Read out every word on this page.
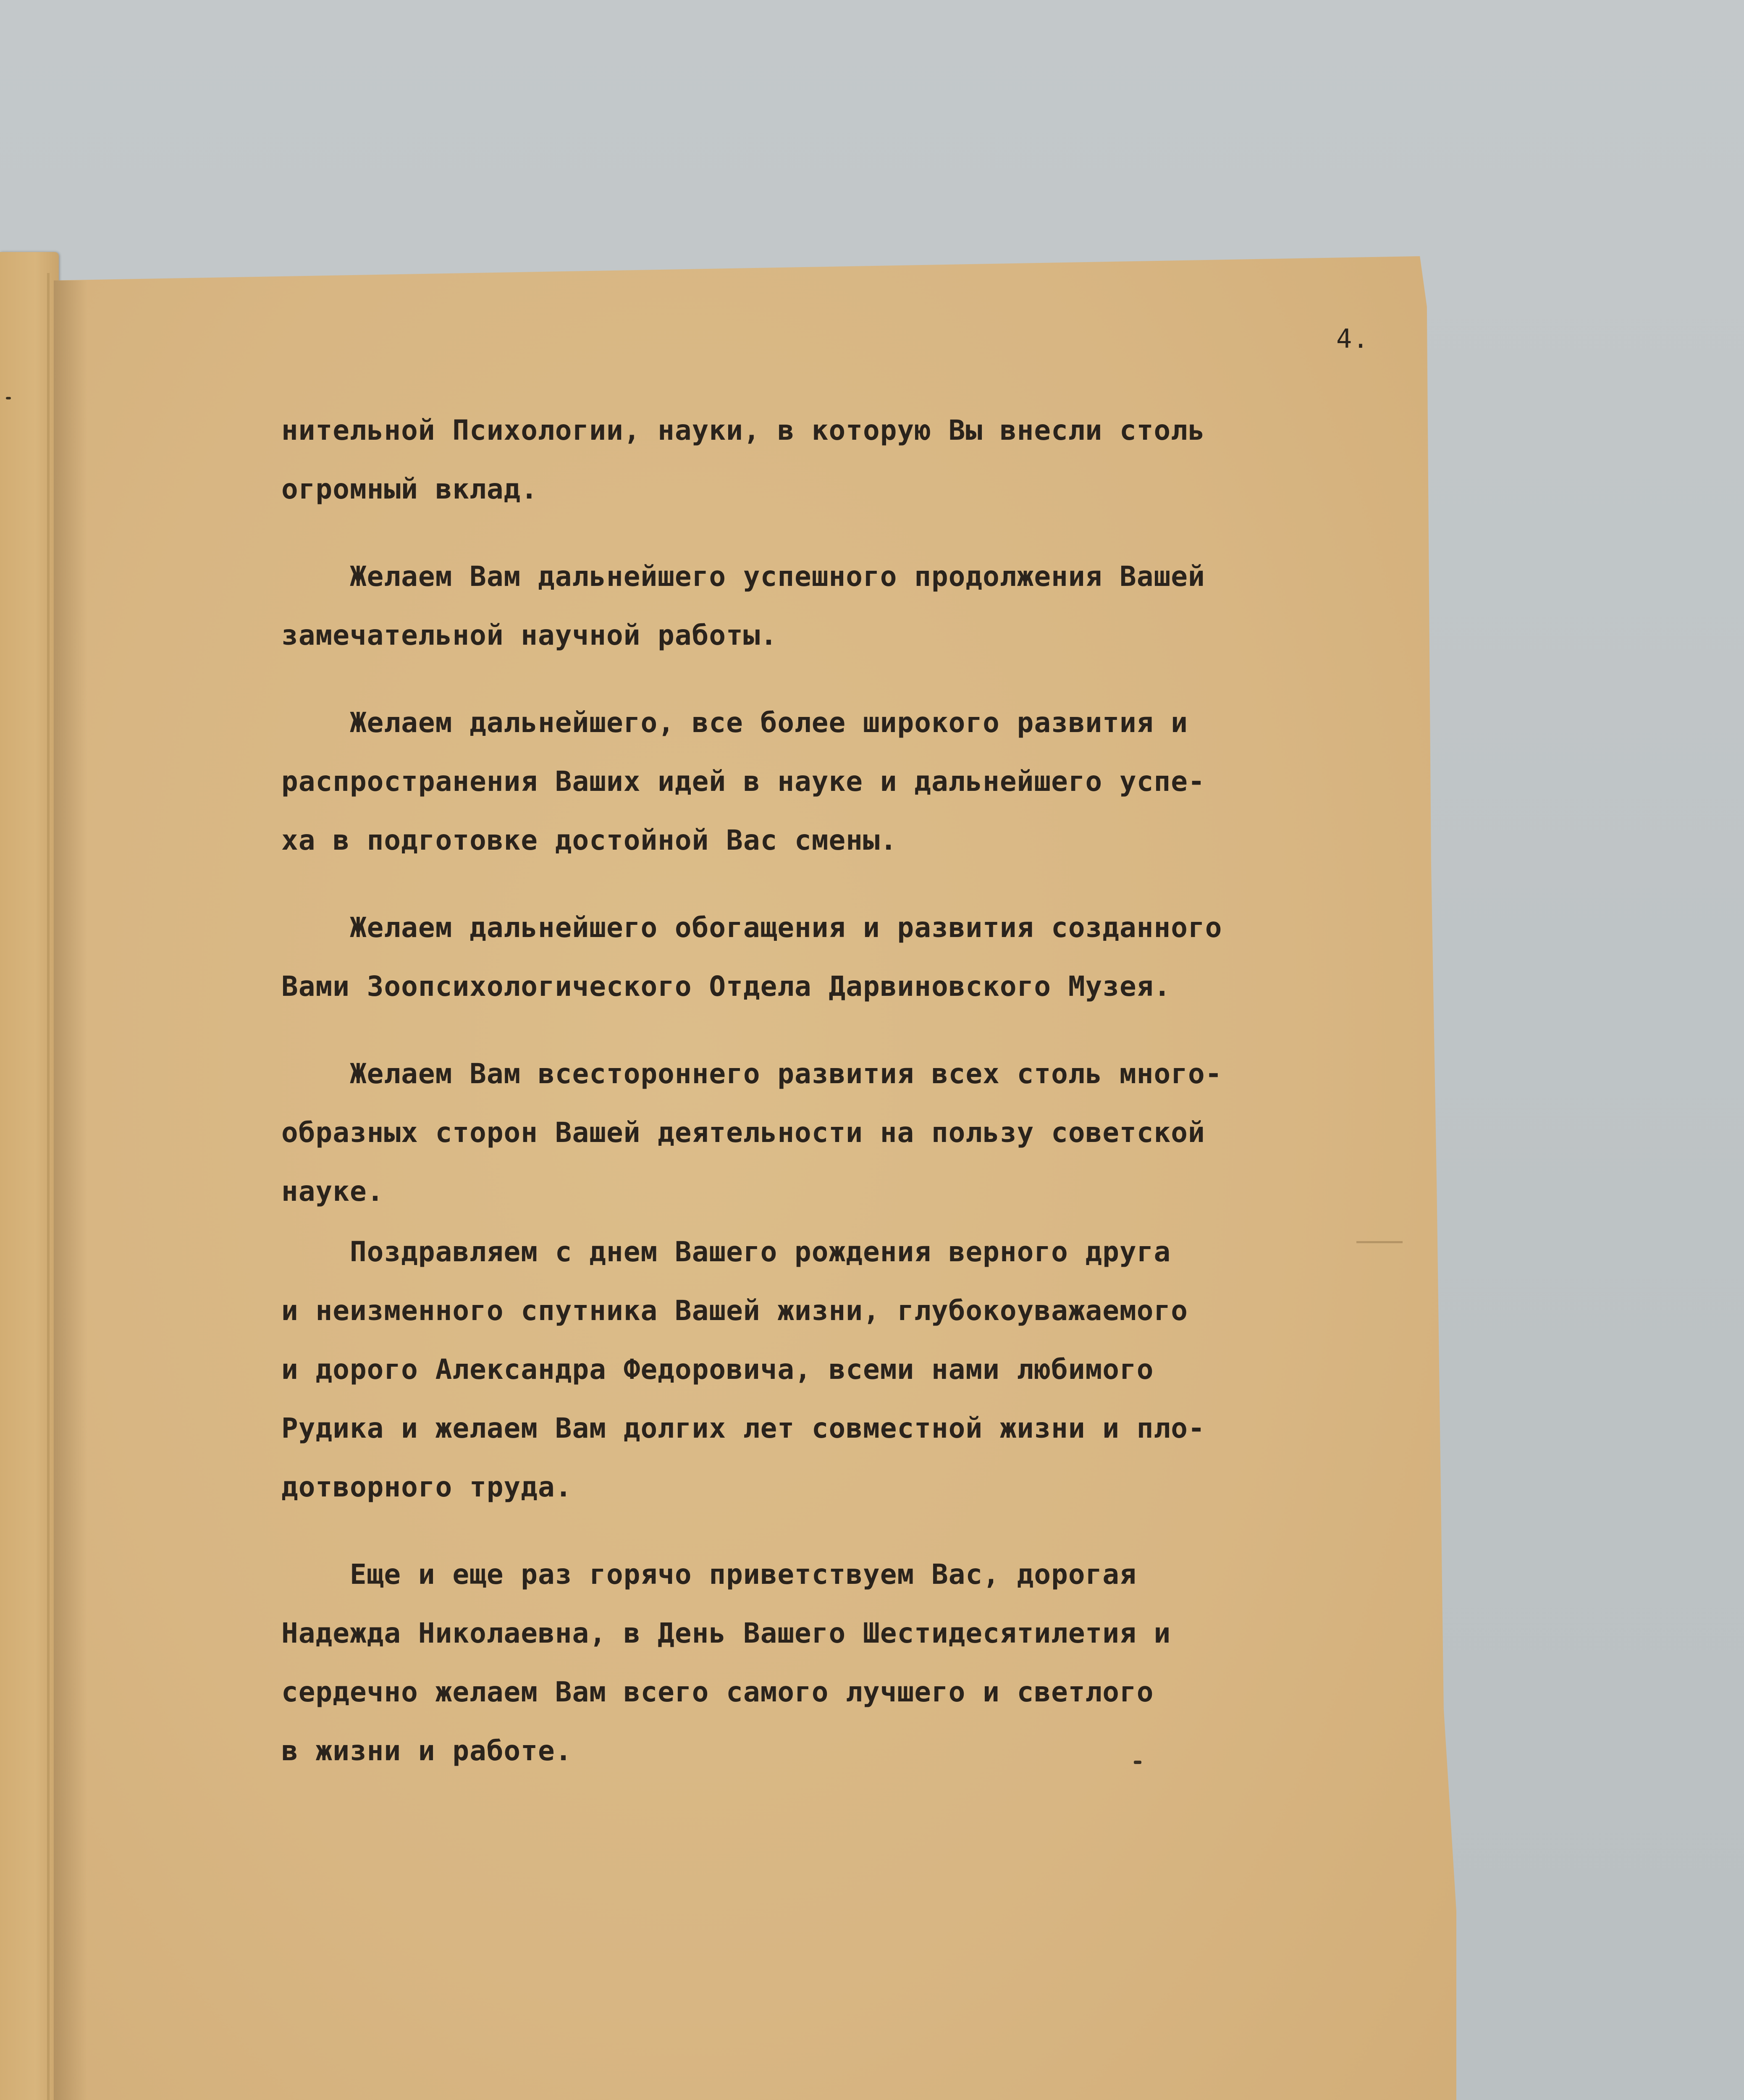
4.
нительной Психологии, науки, в которую Вы внесли столь
огромный вклад.
Желаем Вам дальнейшего успешного продолжения Вашей
замечательной научной работы.
Желаем дальнейшего, все более широкого развития и
распространения Ваших идей в науке и дальнейшего успе-
ха в подготовке достойной Вас смены.
Желаем дальнейшего обогащения и развития созданного
Вами Зоопсихологического Отдела Дарвиновского Музея.
Желаем Вам всестороннего развития всех столь много-
образных сторон Вашей деятельности на пользу советской
науке.
Поздравляем с днем Вашего рождения верного друга
и неизменного спутника Вашей жизни, глубокоуважаемого
и дорого Александра Федоровича, всеми нами любимого
Рудика и желаем Вам долгих лет совместной жизни и пло-
дотворного труда.
Еще и еще раз горячо приветствуем Вас, дорогая
Надежда Николаевна, в День Вашего Шестидесятилетия и
сердечно желаем Вам всего самого лучшего и светлого
в жизни и работе.
